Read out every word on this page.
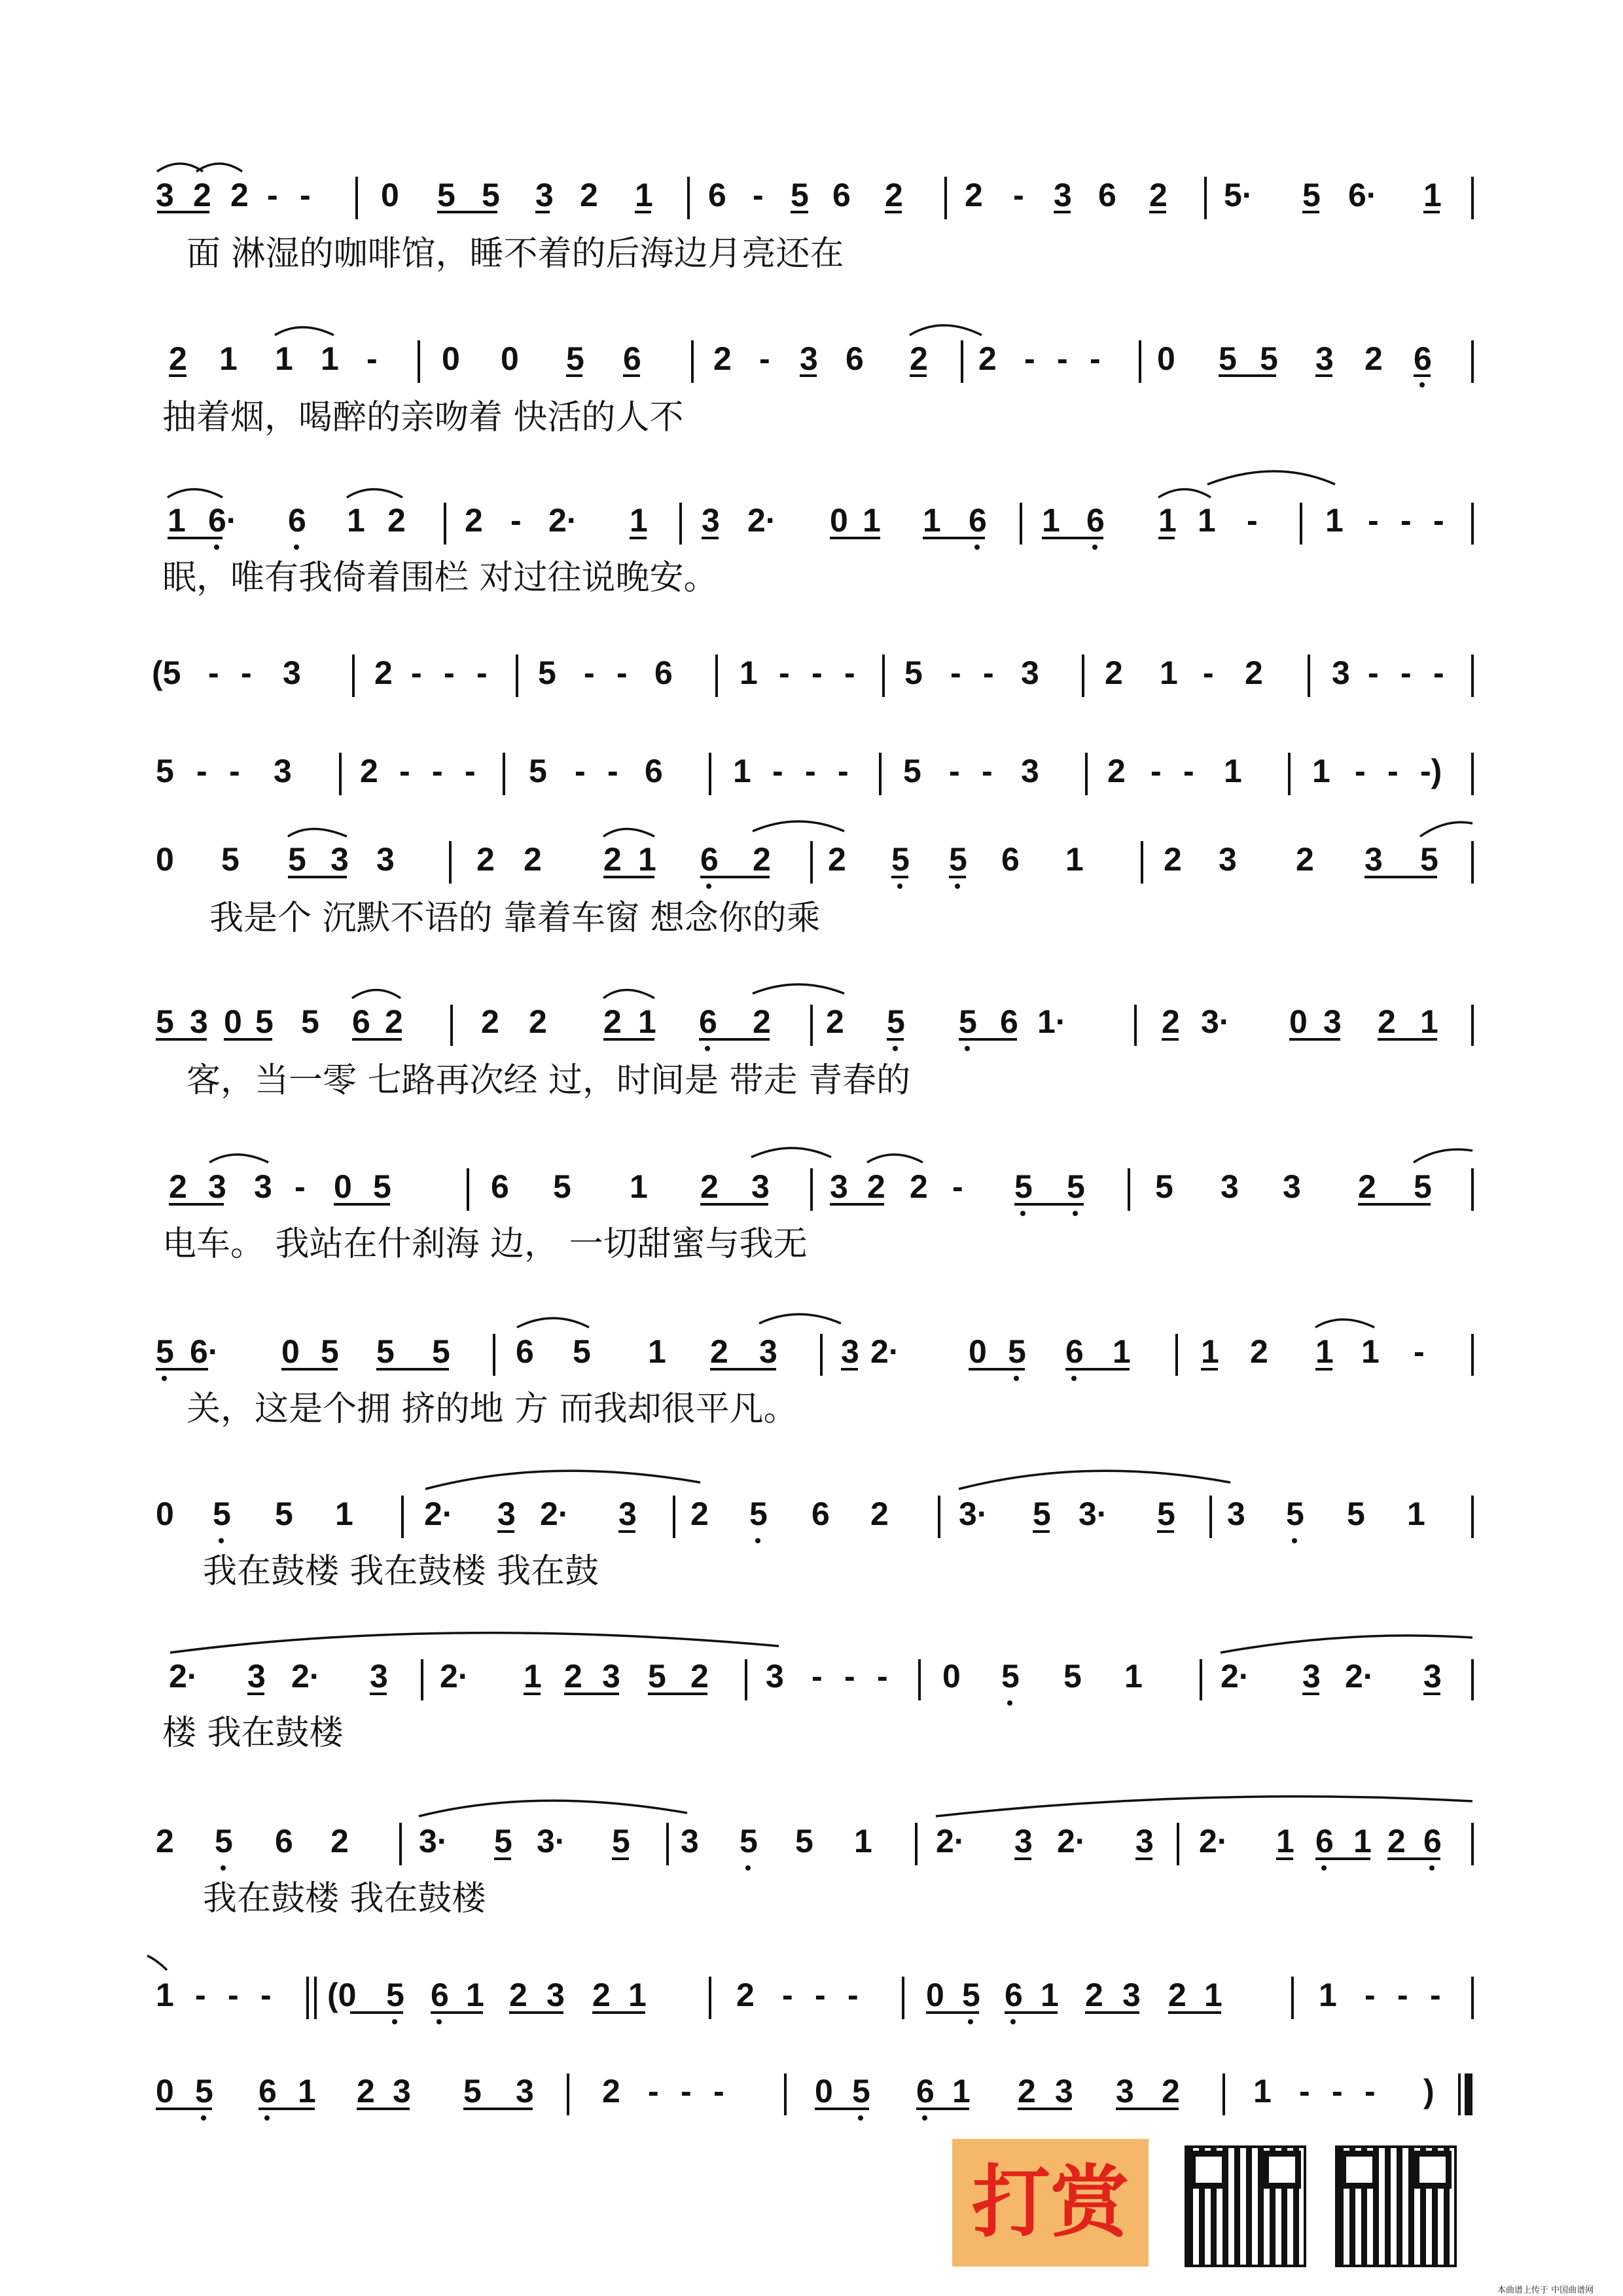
3 2 2 - - 0 5 5 3 2 1 6 - 5 6 2 2 - 3 6 2 5· 5 6· 1
2 1 1 1 - 0 0 5 6 2 - 3 6 2 2 - - - 0 5 5 3 2 6
1 6· 6 1 2 2 - 2· 1 3 2· 0 1 1 6 1 6 1 1 - 1 - - -
(5 - - 3 2 - - - 5 - - 6 1 - - - 5 - - 3 2 1 - 2 3 - - -
5 - - 3 2 - - - 5 - - 6 1 - - - 5 - - 3 2 - - 1 1 - - -)
0 5 5 3 3	2 2 2 1 6 2 2 5 5 6 1 2 3 2 3 5
5 3 0 5 5 6 2 2 2 2 1 6 2 2 5 5 6 1·	2 3· 0 3 2 1
2 3 3 - 0 5	6 5 1 2 3 3 2 2 - 5 5 5 3 3 2 5
5 6· 0 5 5 5 6 5 1 2 3 3 2· 0 5 6 1 1 2 1 1 -
0 5 5 1 2· 3 2· 3 2 5 6 2 3· 5 3· 5 3 5 5 1
2· 3 2· 3 2· 1 2 3 5 2 3 - - - 0 5 5 1 2· 3 2· 3
2 5 6 2 3· 5 3· 5 3 5 5 1 2· 3 2· 3 2· 1 6 1 2 6
1 - - - (0 5 6 1 2 3 2 1	2 - - - 0 5 6 1 2 3 2 1	1 - - -
0 5 6 1 2 3 5 3 2 - - -	0 5 6 1 2 3 3 2 1 - - - )
面 淋湿的咖啡馆，睡不着的后海边月亮还在
抽着烟，喝醉的亲吻着 快活的人不
眠，唯有我倚着围栏 对过往说晚安。
我是个 沉默不语的 靠着车窗 想念你的乘
客，当一零 七路再次经 过，时间是 带走 青春的
电车。 我站在什刹海 边， 一切甜蜜与我无
关，这是个拥 挤的地 方 而我却很平凡。
我在鼓楼 我在鼓楼 我在鼓
楼 我在鼓楼
我在鼓楼 我在鼓楼
打赏
本曲谱上传于 中国曲谱网
